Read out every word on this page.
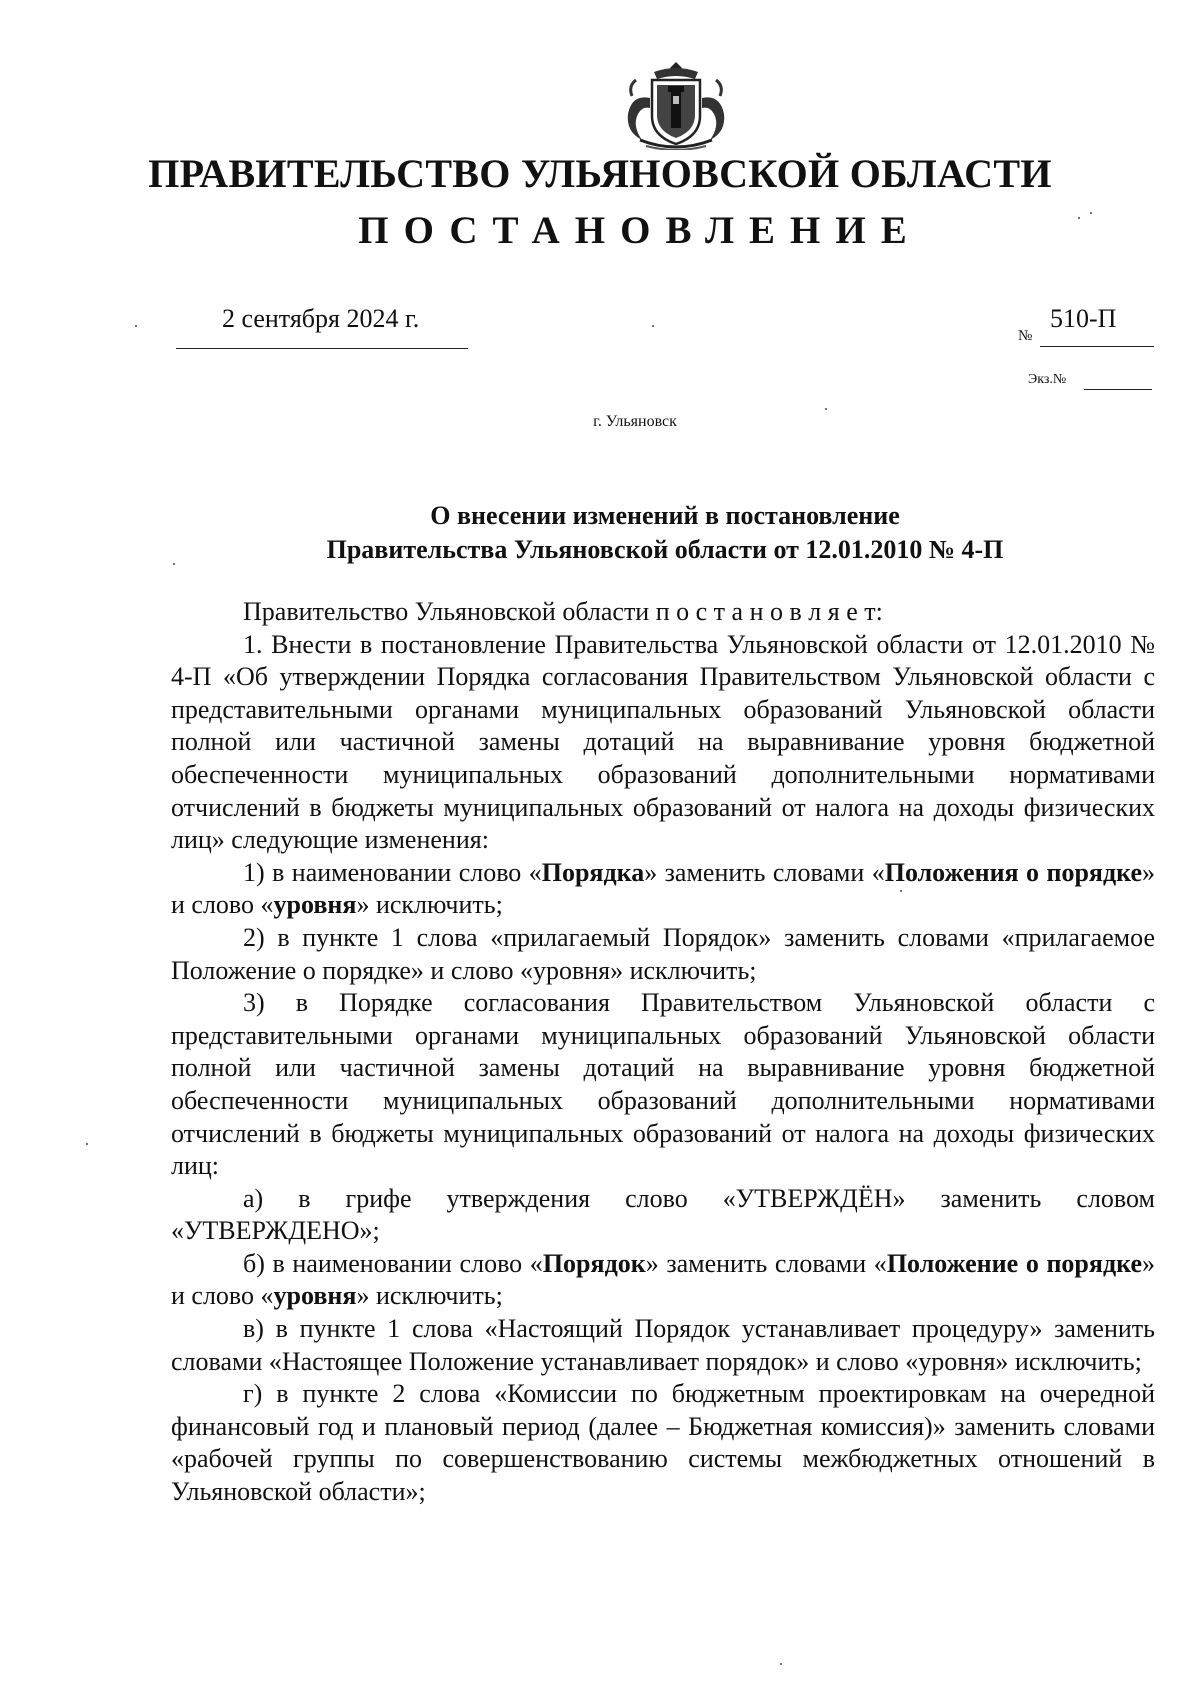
ПРАВИТЕЛЬСТВО УЛЬЯНОВСКОЙ ОБЛАСТИ
ПОСТАНОВЛЕНИЕ
2 сентября 2024 г.
№
510-П
Экз.№
г. Ульяновск
О внесении изменений в постановление
Правительства Ульяновской области от 12.01.2010 № 4-П

Правительство Ульяновской области п о с т а н о в л я е т:

1. Внести в постановление Правительства Ульяновской области от 12.01.2010 № 4-П «Об утверждении Порядка согласования Правительством Ульяновской области с представительными органами муниципальных образований Ульяновской области полной или частичной замены дотаций на выравнивание уровня бюджетной обеспеченности муниципальных образований дополнительными нормативами отчислений в бюджеты муниципальных образований от налога на доходы физических лиц» следующие изменения:

1) в наименовании слово «Порядка» заменить словами «Положения о порядке» и слово «уровня» исключить;

2) в пункте 1 слова «прилагаемый Порядок» заменить словами «прилагаемое Положение о порядке» и слово «уровня» исключить;

3) в Порядке согласования Правительством Ульяновской области с представительными органами муниципальных образований Ульяновской области полной или частичной замены дотаций на выравнивание уровня бюджетной обеспеченности муниципальных образований дополнительными нормативами отчислений в бюджеты муниципальных образований от налога на доходы физических лиц:

а) в грифе утверждения слово «УТВЕРЖДЁН» заменить словом «УТВЕРЖДЕНО»;

б) в наименовании слово «Порядок» заменить словами «Положение о порядке» и слово «уровня» исключить;

в) в пункте 1 слова «Настоящий Порядок устанавливает процедуру» заменить словами «Настоящее Положение устанавливает порядок» и слово «уровня» исключить;

г) в пункте 2 слова «Комиссии по бюджетным проектировкам на очередной финансовый год и плановый период (далее – Бюджетная комиссия)» заменить словами «рабочей группы по совершенствованию системы межбюджетных отношений в Ульяновской области»;
